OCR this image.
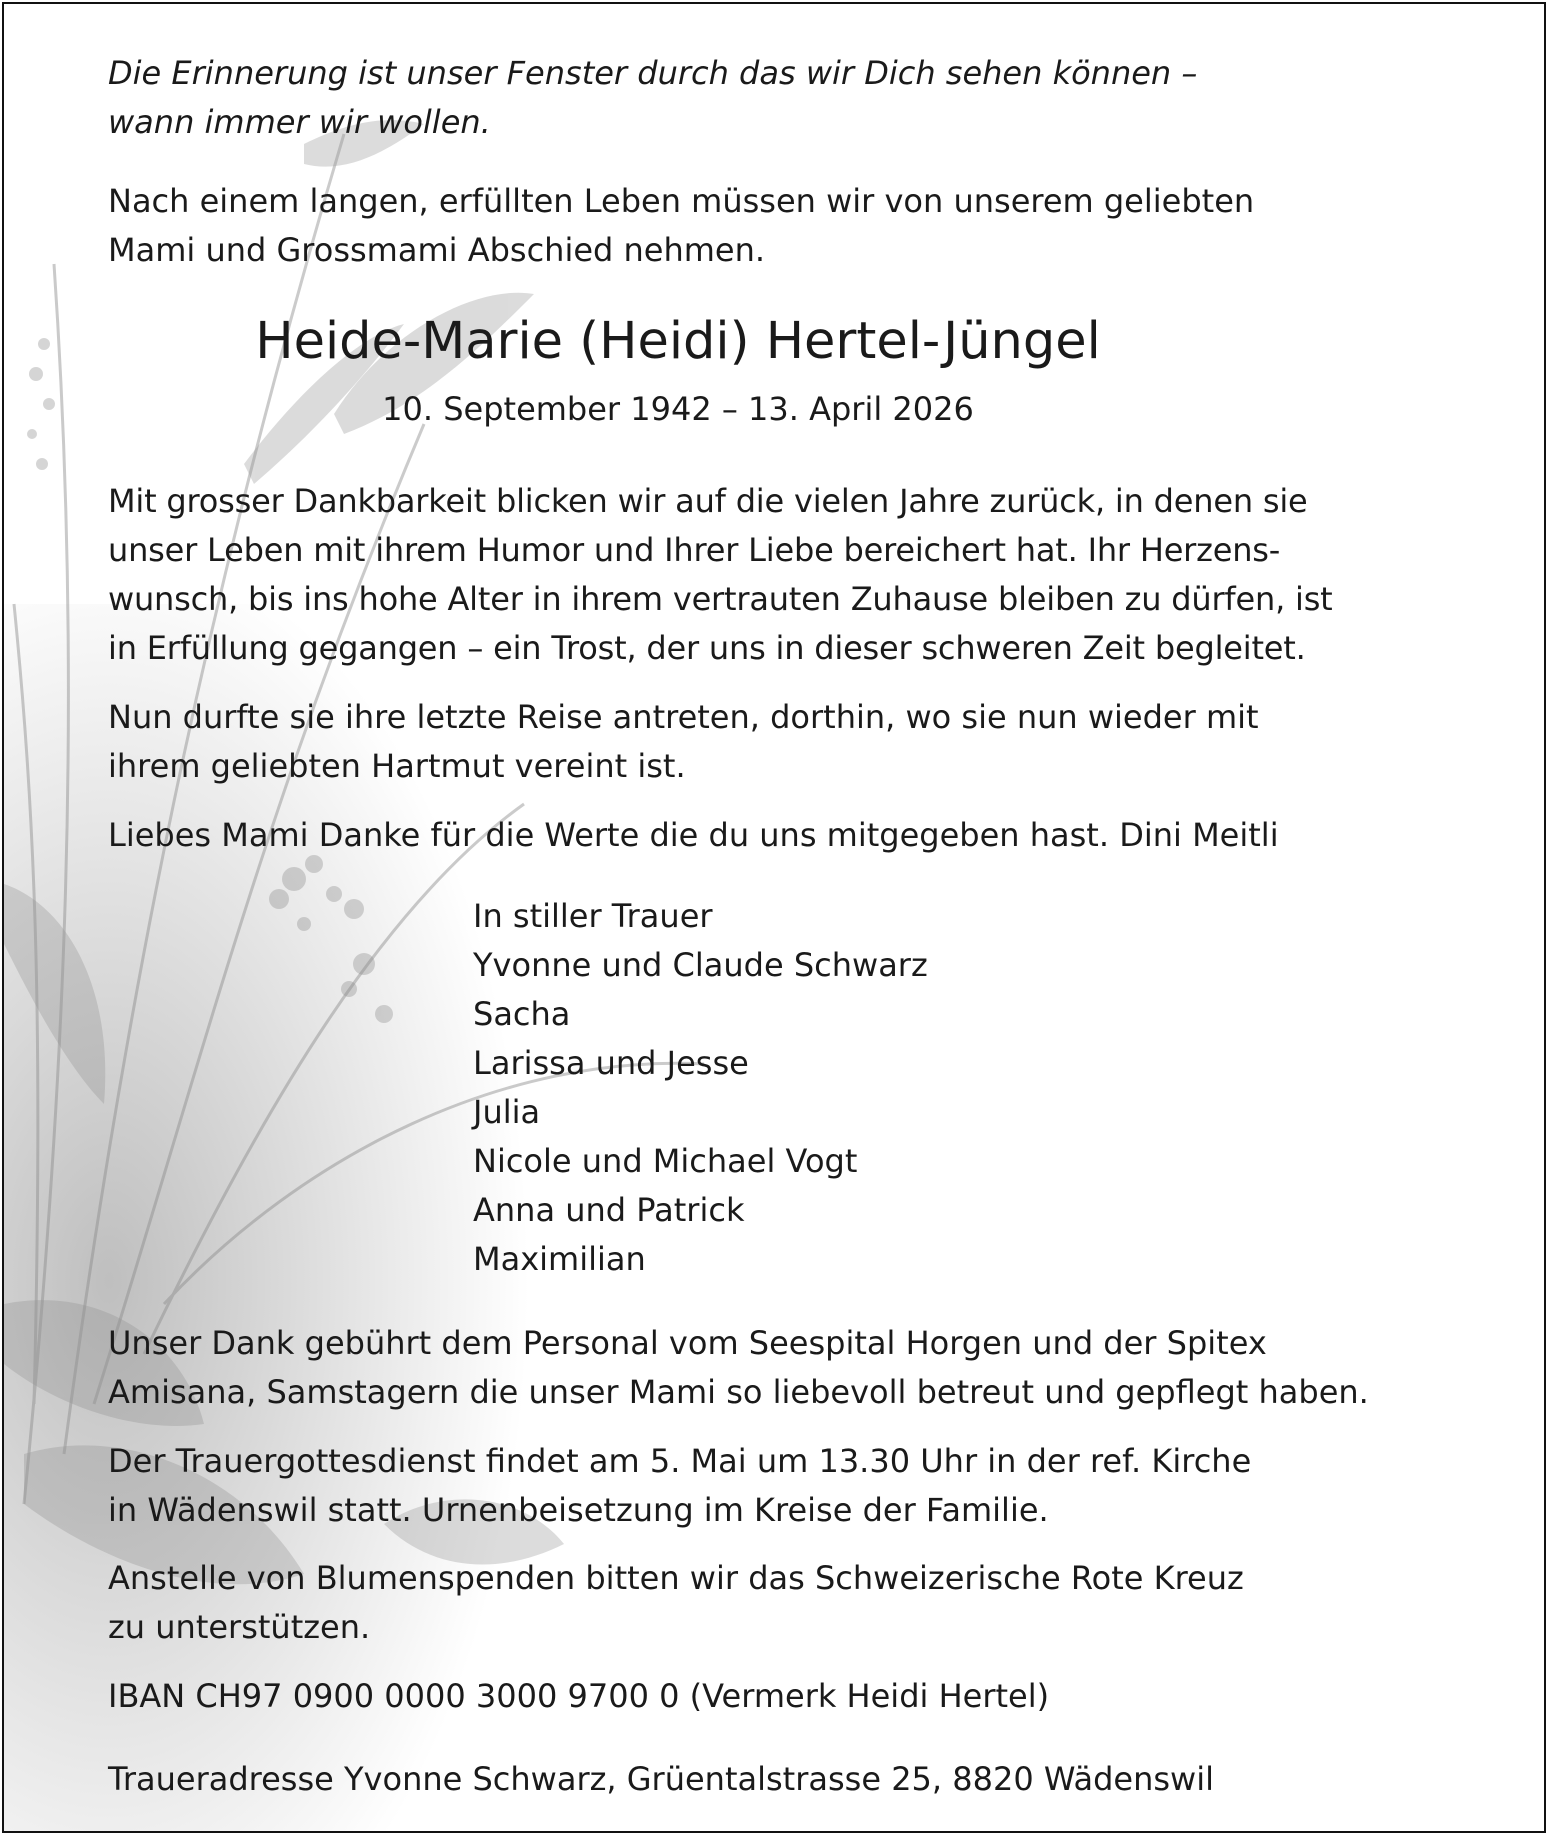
Die Erinnerung ist unser Fenster durch das wir Dich sehen können –
wann immer wir wollen.

Nach einem langen, erfüllten Leben müssen wir von unserem geliebten
Mami und Grossmami Abschied nehmen.

Heide-Marie (Heidi) Hertel-Jüngel

10. September 1942 – 13. April 2026

Mit grosser Dankbarkeit blicken wir auf die vielen Jahre zurück, in denen sie
unser Leben mit ihrem Humor und Ihrer Liebe bereichert hat. Ihr Herzens-
wunsch, bis ins hohe Alter in ihrem vertrauten Zuhause bleiben zu dürfen, ist
in Erfüllung gegangen – ein Trost, der uns in dieser schweren Zeit begleitet.

Nun durfte sie ihre letzte Reise antreten, dorthin, wo sie nun wieder mit
ihrem geliebten Hartmut vereint ist.

Liebes Mami Danke für die Werte die du uns mitgegeben hast. Dini Meitli

In stiller Trauer
Yvonne und Claude Schwarz
Sacha
Larissa und Jesse
Julia
Nicole und Michael Vogt
Anna und Patrick
Maximilian

Unser Dank gebührt dem Personal vom Seespital Horgen und der Spitex
Amisana, Samstagern die unser Mami so liebevoll betreut und gepflegt haben.

Der Trauergottesdienst findet am 5. Mai um 13.30 Uhr in der ref. Kirche
in Wädenswil statt. Urnenbeisetzung im Kreise der Familie.

Anstelle von Blumenspenden bitten wir das Schweizerische Rote Kreuz
zu unterstützen.

IBAN CH97 0900 0000 3000 9700 0 (Vermerk Heidi Hertel)

Traueradresse Yvonne Schwarz, Grüentalstrasse 25, 8820 Wädenswil
